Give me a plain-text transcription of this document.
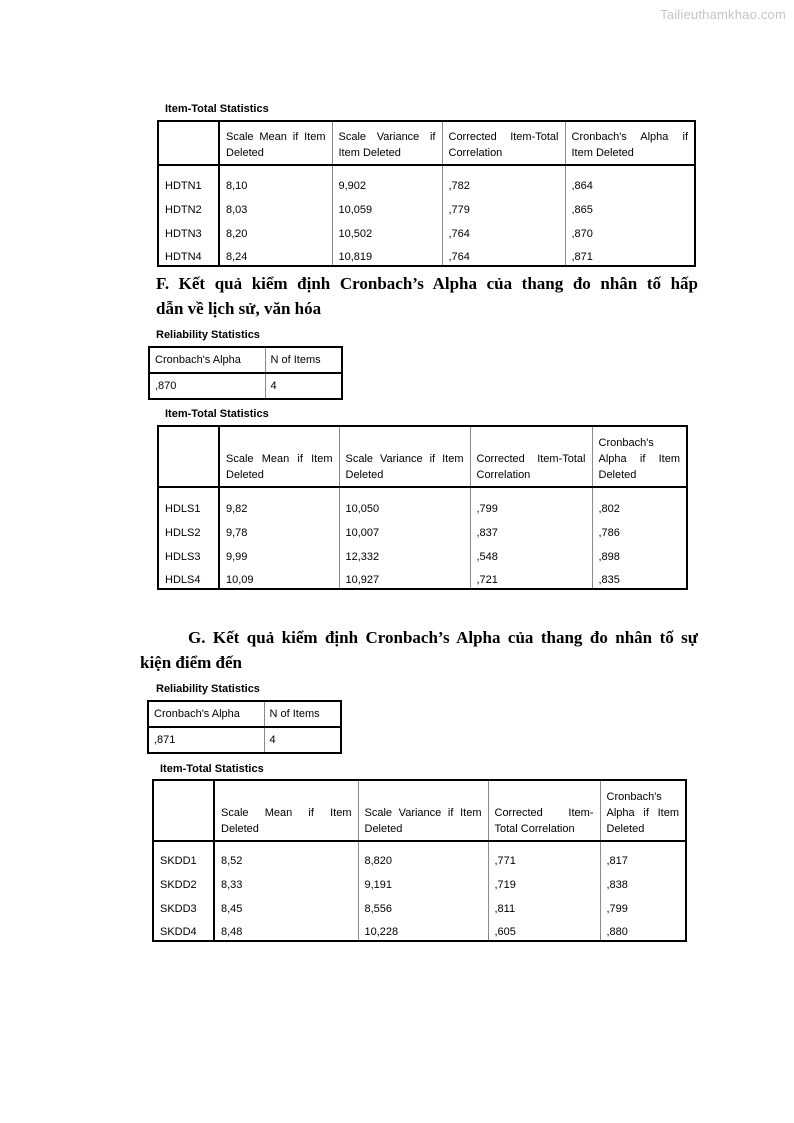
Tailieuthamkhao.com
Item-Total Statistics
	Scale Mean if Item Deleted	Scale Variance if Item Deleted	Corrected Item-Total Correlation	Cronbach's Alpha if Item Deleted
HDTN1	8,10	9,902	,782	,864
HDTN2	8,03	10,059	,779	,865
HDTN3	8,20	10,502	,764	,870
HDTN4	8,24	10,819	,764	,871
F. Kết quả kiểm định Cronbach’s Alpha của thang đo nhân tố hấp
dẫn về lịch sử, văn hóa
Reliability Statistics
Cronbach's Alpha	N of Items
,870	4
Item-Total Statistics
	Scale Mean if Item Deleted	Scale Variance if Item Deleted	Corrected Item-Total Correlation	Cronbach's Alpha if Item Deleted
HDLS1	9,82	10,050	,799	,802
HDLS2	9,78	10,007	,837	,786
HDLS3	9,99	12,332	,548	,898
HDLS4	10,09	10,927	,721	,835
G. Kết quả kiểm định Cronbach’s Alpha của thang đo nhân tố sự
kiện điểm đến
Reliability Statistics
Cronbach's Alpha	N of Items
,871	4
Item-Total Statistics
	Scale Mean if Item Deleted	Scale Variance if Item Deleted	Corrected Item-Total Correlation	Cronbach's Alpha if Item Deleted
SKDD1	8,52	8,820	,771	,817
SKDD2	8,33	9,191	,719	,838
SKDD3	8,45	8,556	,811	,799
SKDD4	8,48	10,228	,605	,880
